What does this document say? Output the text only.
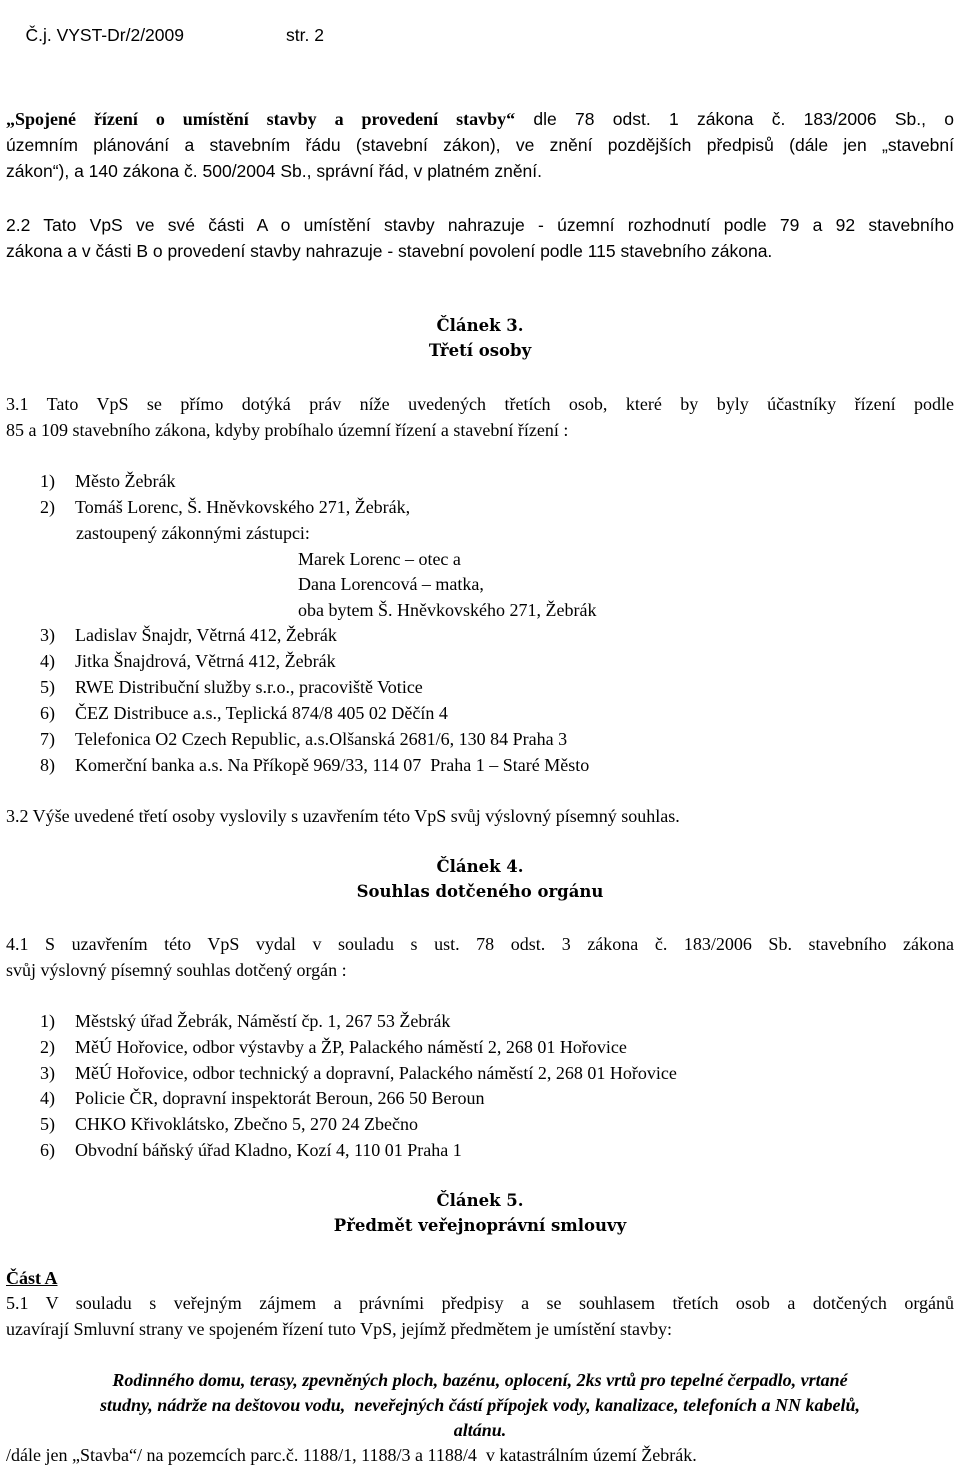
Č.j. VYST-Dr/2/2009	str. 2

„Spojené řízení o umístění stavby a provedení stavby“ dle 78 odst. 1 zákona č. 183/2006 Sb., o
územním plánování a stavebním řádu (stavební zákon), ve znění pozdějších předpisů (dále jen „stavební
zákon“), a 140 zákona č. 500/2004 Sb., správní řád, v platném znění.
2.2 Tato VpS ve své části A o umístění stavby nahrazuje - územní rozhodnutí podle 79 a 92 stavebního
zákona a v části B o provedení stavby nahrazuje - stavební povolení podle 115 stavebního zákona.
Článek 3.
Třetí osoby
3.1 Tato VpS se přímo dotýká práv níže uvedených třetích osob, které by byly účastníky řízení podle
85 a 109 stavebního zákona, kdyby probíhalo územní řízení a stavební řízení :
1) Město Žebrák
2) Tomáš Lorenc, Š. Hněvkovského 271, Žebrák,
zastoupený zákonnými zástupci:
Marek Lorenc – otec a
Dana Lorencová – matka,
oba bytem Š. Hněvkovského 271, Žebrák
3) Ladislav Šnajdr, Větrná 412, Žebrák
4) Jitka Šnajdrová, Větrná 412, Žebrák
5) RWE Distribuční služby s.r.o., pracoviště Votice
6) ČEZ Distribuce a.s., Teplická 874/8 405 02 Děčín 4
7) Telefonica O2 Czech Republic, a.s.Olšanská 2681/6, 130 84 Praha 3
8) Komerční banka a.s. Na Příkopě 969/33, 114 07  Praha 1 – Staré Město
3.2 Výše uvedené třetí osoby vyslovily s uzavřením této VpS svůj výslovný písemný souhlas.
Článek 4.
Souhlas dotčeného orgánu
4.1 S uzavřením této VpS vydal v souladu s ust. 78 odst. 3 zákona č. 183/2006 Sb. stavebního zákona
svůj výslovný písemný souhlas dotčený orgán :
1) Městský úřad Žebrák, Náměstí čp. 1, 267 53 Žebrák
2) MěÚ Hořovice, odbor výstavby a ŽP, Palackého náměstí 2, 268 01 Hořovice
3) MěÚ Hořovice, odbor technický a dopravní, Palackého náměstí 2, 268 01 Hořovice
4) Policie ČR, dopravní inspektorát Beroun, 266 50 Beroun
5) CHKO Křivoklátsko, Zbečno 5, 270 24 Zbečno
6) Obvodní báňský úřad Kladno, Kozí 4, 110 01 Praha 1
Článek 5.
Předmět veřejnoprávní smlouvy
Část A
5.1 V souladu s veřejným zájmem a právními předpisy a se souhlasem třetích osob a dotčených orgánů
uzavírají Smluvní strany ve spojeném řízení tuto VpS, jejímž předmětem je umístění stavby:
Rodinného domu, terasy, zpevněných ploch, bazénu, oplocení, 2ks vrtů pro tepelné čerpadlo, vrtané
studny, nádrže na deštovou vodu,  neveřejných částí přípojek vody, kanalizace, telefoních a NN kabelů,
altánu.
/dále jen „Stavba“/ na pozemcích parc.č. 1188/1, 1188/3 a 1188/4  v katastrálním území Žebrák.
